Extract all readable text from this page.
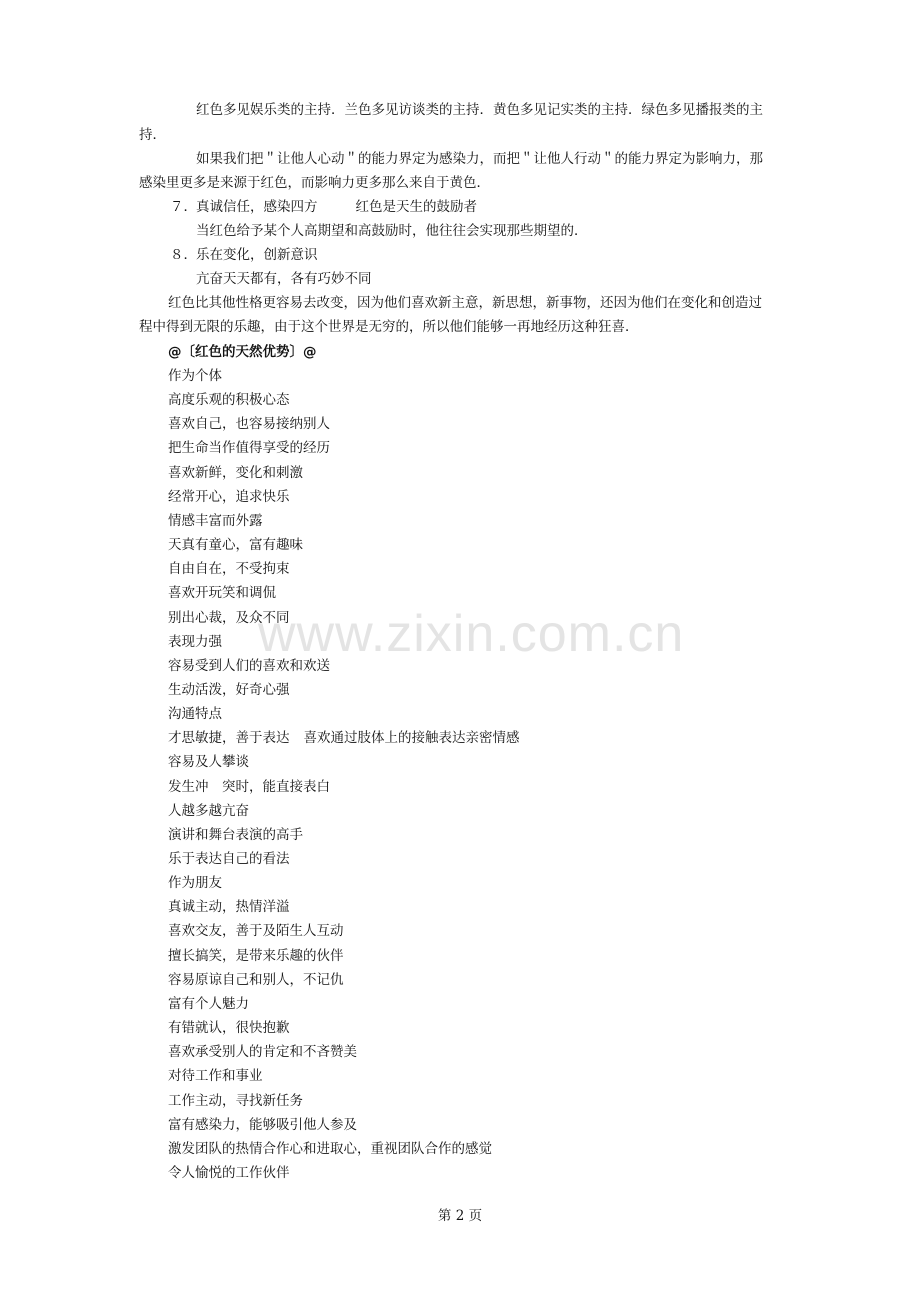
www.zixin.com.cn
红色多见娱乐类的主持．兰色多见访谈类的主持．黄色多见记实类的主持．绿色多见播报类的主
持．
如果我们把＂让他人心动＂的能力界定为感染力，而把＂让他人行动＂的能力界定为影响力，那
感染里更多是来源于红色，而影响力更多那么来自于黄色．
７．真诚信任，感染四方	红色是天生的鼓励者
当红色给予某个人高期望和高鼓励时，他往往会实现那些期望的．
８．乐在变化，创新意识
亢奋天天都有，各有巧妙不同
红色比其他性格更容易去改变，因为他们喜欢新主意，新思想，新事物，还因为他们在变化和创造过
程中得到无限的乐趣，由于这个世界是无穷的，所以他们能够一再地经历这种狂喜．
@〔红色的天然优势〕@
作为个体
高度乐观的积极心态
喜欢自己，也容易接纳别人
把生命当作值得享受的经历
喜欢新鲜，变化和刺激
经常开心，追求快乐
情感丰富而外露
天真有童心，富有趣味
自由自在，不受拘束
喜欢开玩笑和调侃
别出心裁，及众不同
表现力强
容易受到人们的喜欢和欢送
生动活泼，好奇心强
沟通特点
才思敏捷，善于表达 喜欢通过肢体上的接触表达亲密情感
容易及人攀谈
发生冲　突时，能直接表白
人越多越亢奋
演讲和舞台表演的高手
乐于表达自己的看法
作为朋友
真诚主动，热情洋溢
喜欢交友，善于及陌生人互动
擅长搞笑，是带来乐趣的伙伴
容易原谅自己和别人，不记仇
富有个人魅力
有错就认，很快抱歉
喜欢承受别人的肯定和不吝赞美
对待工作和事业
工作主动，寻找新任务
富有感染力，能够吸引他人参及
激发团队的热情合作心和进取心，重视团队合作的感觉
令人愉悦的工作伙伴
第 2 页
